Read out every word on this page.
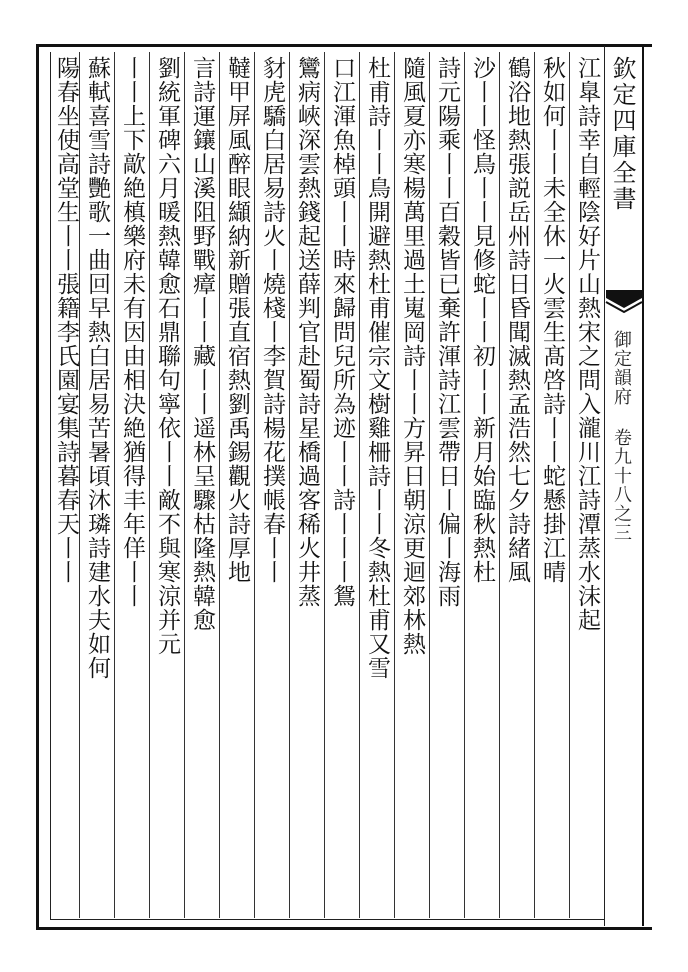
欽定四庫全書
御定韻府 卷九十八之三
江臯詩幸自輕陰好片山熱宋之問入瀧川江詩潭蒸水沫起
秋如何丨丨未全休一火雲生髙啓詩丨丨蛇懸掛江晴
鶴浴地熱張説岳州詩日昏聞滅熱孟浩然七夕詩緒風
沙丨丨怪鳥丨丨見修蛇丨丨初丨丨新月始臨秋熱杜
詩元陽乘丨丨百穀皆已棄許渾詩江雲帶日丨偏丨海雨
隨風夏亦寒楊萬里過土嵬岡詩丨丨方昇日朝涼更迴郊林熱
杜甫詩丨丨鳥開避熱杜甫催宗文樹雞柵詩丨丨冬熱杜甫又雪
口江渾魚棹頭丨丨時來歸問兒所為迹丨丨詩丨丨丨鴛
鸞病峽深雲熱錢起送薛判官赴蜀詩星橋過客稀火井蒸
豺虎驕白居易詩火丨燒棧丨李賀詩楊花撲帳春丨丨
韃甲屏風醉眼纈納新贈張直宿熱劉禹錫觀火詩厚地
言詩運鑲山溪阻野戰瘴丨丨藏丨丨遥林呈驟枯隆熱韓愈
劉統軍碑六月暖熱韓愈石鼎聯句寧依丨丨敵不與寒涼并元
丨丨上下歊絶槙樂府未有因由相決絶猶得丰年佯丨丨
蘇軾喜雪詩艷歌一曲回早熱白居易苦暑頃沐璘詩建水夫如何
陽春坐使高堂生丨丨張籍李氏園宴集詩暮春天丨丨
